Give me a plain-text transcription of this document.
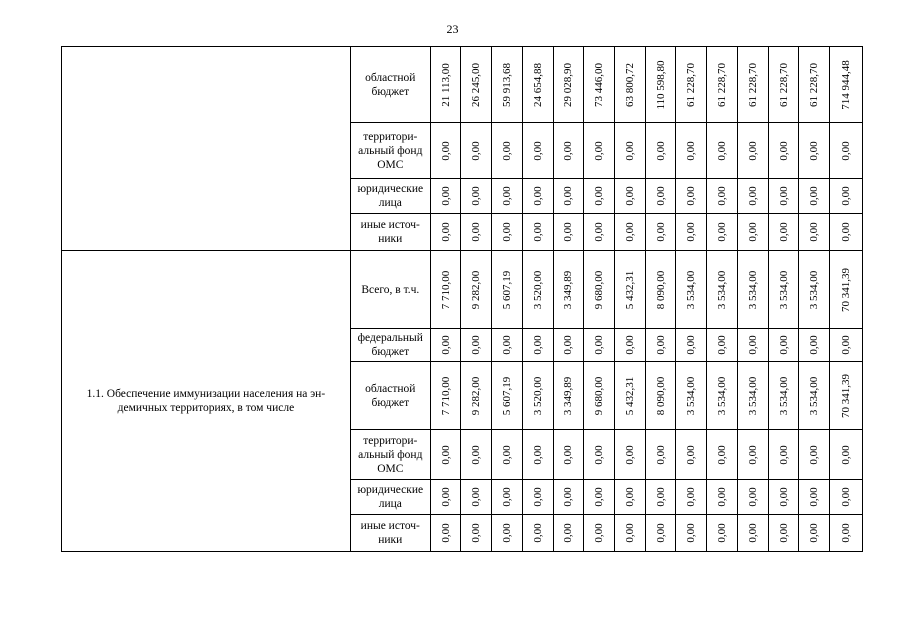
23
	областной бюджет	21 113,00	26 245,00	59 913,68	24 654,88	29 028,90	73 446,00	63 800,72	110 598,80	61 228,70	61 228,70	61 228,70	61 228,70	61 228,70	714 944,48

	территори-альный фонд ОМС	0,00	0,00	0,00	0,00	0,00	0,00	0,00	0,00	0,00	0,00	0,00	0,00	0,00	0,00

	юридические лица	0,00	0,00	0,00	0,00	0,00	0,00	0,00	0,00	0,00	0,00	0,00	0,00	0,00	0,00

	иные источ-ники	0,00	0,00	0,00	0,00	0,00	0,00	0,00	0,00	0,00	0,00	0,00	0,00	0,00	0,00

1.1. Обеспечение иммунизации населения на эн-демичных территориях, в том числе	Всего, в т.ч.	7 710,00	9 282,00	5 607,19	3 520,00	3 349,89	9 680,00	5 432,31	8 090,00	3 534,00	3 534,00	3 534,00	3 534,00	3 534,00	70 341,39

	федеральный бюджет	0,00	0,00	0,00	0,00	0,00	0,00	0,00	0,00	0,00	0,00	0,00	0,00	0,00	0,00

	областной бюджет	7 710,00	9 282,00	5 607,19	3 520,00	3 349,89	9 680,00	5 432,31	8 090,00	3 534,00	3 534,00	3 534,00	3 534,00	3 534,00	70 341,39

	территори-альный фонд ОМС	0,00	0,00	0,00	0,00	0,00	0,00	0,00	0,00	0,00	0,00	0,00	0,00	0,00	0,00

	юридические лица	0,00	0,00	0,00	0,00	0,00	0,00	0,00	0,00	0,00	0,00	0,00	0,00	0,00	0,00

	иные источ-ники	0,00	0,00	0,00	0,00	0,00	0,00	0,00	0,00	0,00	0,00	0,00	0,00	0,00	0,00
